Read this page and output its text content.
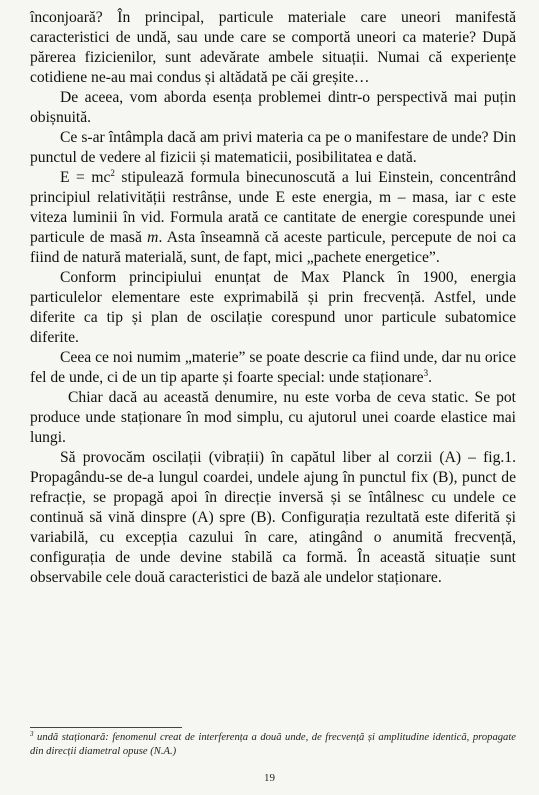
înconjoară? În principal, particule materiale care uneori manifestă caracteristici de undă, sau unde care se comportă uneori ca materie? După părerea fizicienilor, sunt adevărate ambele situații. Numai că experiențe cotidiene ne-au mai condus și altădată pe căi greșite…

De aceea, vom aborda esența problemei dintr-o perspectivă mai puțin obișnuită.

Ce s-ar întâmpla dacă am privi materia ca pe o manifestare de unde? Din punctul de vedere al fizicii și matematicii, posibilitatea e dată.

$E = mc^2$ stipulează formula binecunoscută a lui Einstein, concentrând principiul relativității restrânse, unde E este energia, m – masa, iar c este viteza luminii în vid. Formula arată ce cantitate de energie corespunde unei particule de masă m. Asta înseamnă că aceste particule, percepute de noi ca fiind de natură materială, sunt, de fapt, mici „pachete energetice”.

Conform principiului enunțat de Max Planck în 1900, energia particulelor elementare este exprimabilă și prin frecvență. Astfel, unde diferite ca tip și plan de oscilație corespund unor particule subatomice diferite.

Ceea ce noi numim „materie” se poate descrie ca fiind unde, dar nu orice fel de unde, ci de un tip aparte și foarte special: unde staționare$^3$.

Chiar dacă au această denumire, nu este vorba de ceva static. Se pot produce unde staționare în mod simplu, cu ajutorul unei coarde elastice mai lungi.

Să provocăm oscilații (vibrații) în capătul liber al corzii (A) – fig.1. Propagându-se de-a lungul coardei, undele ajung în punctul fix (B), punct de refracție, se propagă apoi în direcție inversă și se întâlnesc cu undele ce continuă să vină dinspre (A) spre (B). Configurația rezultată este diferită și variabilă, cu excepția cazului în care, atingând o anumită frecvență, configurația de unde devine stabilă ca formă. În această situație sunt observabile cele două caracteristici de bază ale undelor staționare.

$^3$ undă staționară: fenomenul creat de interferența a două unde, de frecvență și amplitudine identică, propagate din direcții diametral opuse (N.A.)
19
